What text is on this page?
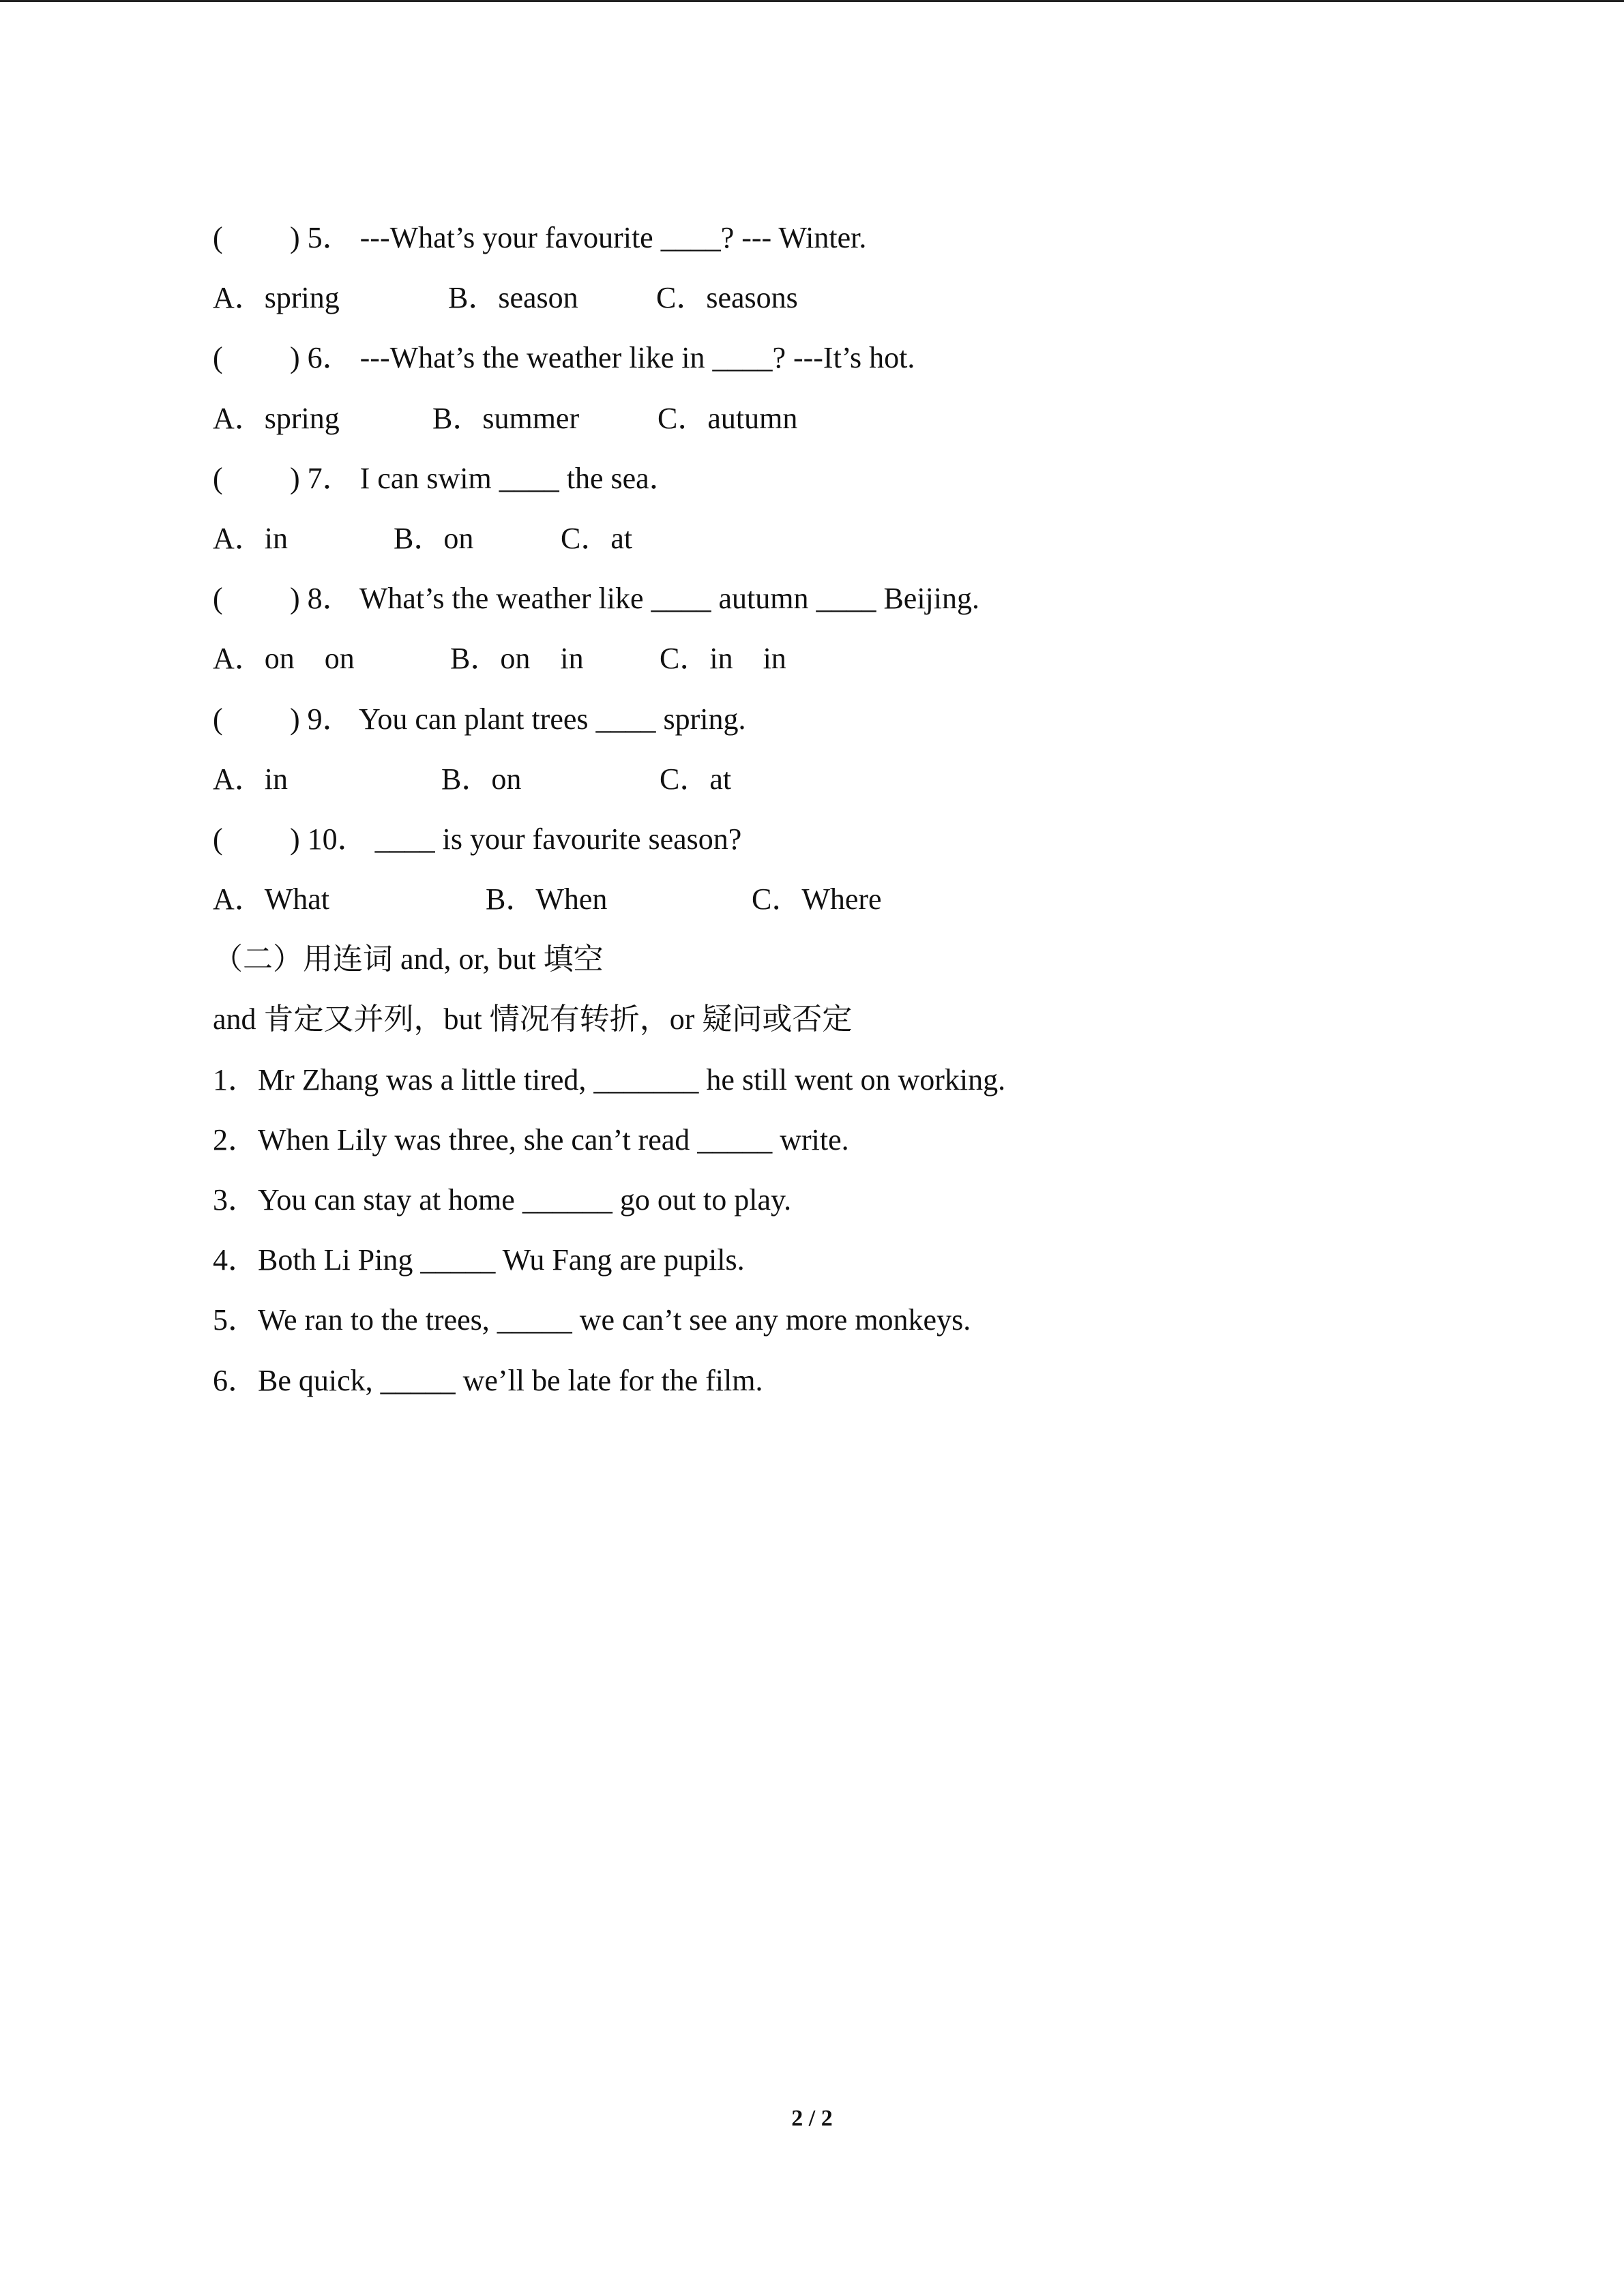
( ) 5． ---What’s your favourite ____? --- Winter.
A．spring	B．season	C．seasons
( ) 6． ---What’s the weather like in ____? ---It’s hot.
A．spring	B．summer	C．autumn
( ) 7． I can swim ____ the sea．
A．in	B．on	C．at
( ) 8． What’s the weather like ____ autumn ____ Beijing.
A．on　on	B．on　in	C．in　in
( ) 9． You can plant trees ____ spring.
A．in	B．on	C．at
( ) 10． ____ is your favourite season?
A．What	B．When	C．Where
（二）用连词 and, or, but 填空
and 肯定又并列，but 情况有转折，or 疑问或否定
1．Mr Zhang was a little tired, _______ he still went on working.
2．When Lily was three, she can’t read _____ write.
3．You can stay at home ______ go out to play.
4．Both Li Ping _____ Wu Fang are pupils.
5．We ran to the trees, _____ we can’t see any more monkeys.
6．Be quick, _____ we’ll be late for the film.
2 / 2
